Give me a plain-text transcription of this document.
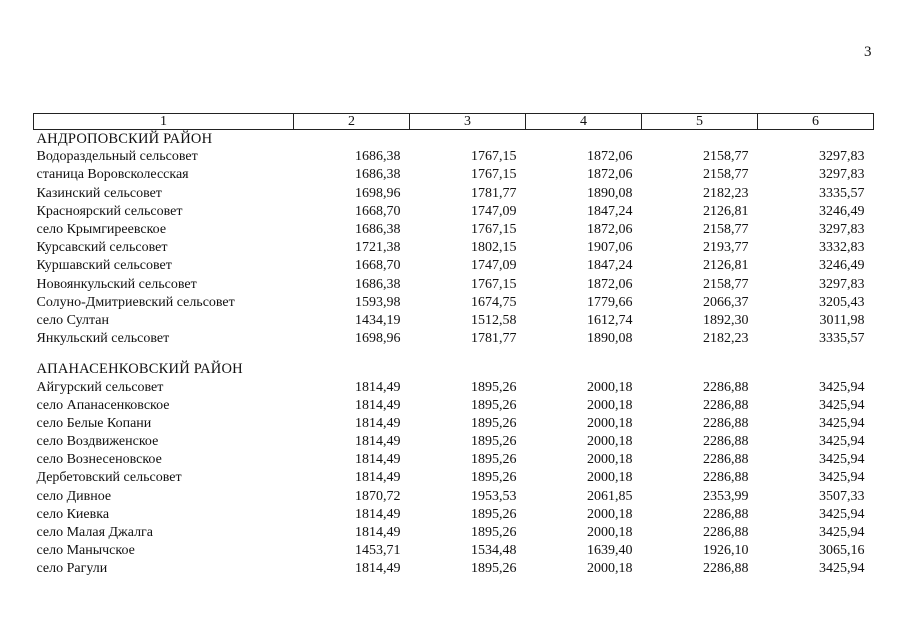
3
1	2	3	4	5	6
АНДРОПОВСКИЙ РАЙОН					
Водораздельный сельсовет	1686,38	1767,15	1872,06	2158,77	3297,83
станица Воровсколесская	1686,38	1767,15	1872,06	2158,77	3297,83
Казинский сельсовет	1698,96	1781,77	1890,08	2182,23	3335,57
Красноярский сельсовет	1668,70	1747,09	1847,24	2126,81	3246,49
село Крымгиреевское	1686,38	1767,15	1872,06	2158,77	3297,83
Курсавский сельсовет	1721,38	1802,15	1907,06	2193,77	3332,83
Куршавский сельсовет	1668,70	1747,09	1847,24	2126,81	3246,49
Новоянкульский сельсовет	1686,38	1767,15	1872,06	2158,77	3297,83
Солуно-Дмитриевский сельсовет	1593,98	1674,75	1779,66	2066,37	3205,43
село Султан	1434,19	1512,58	1612,74	1892,30	3011,98
Янкульский сельсовет	1698,96	1781,77	1890,08	2182,23	3335,57

АПАНАСЕНКОВСКИЙ РАЙОН					
Айгурский сельсовет	1814,49	1895,26	2000,18	2286,88	3425,94
село Апанасенковское	1814,49	1895,26	2000,18	2286,88	3425,94
село Белые Копани	1814,49	1895,26	2000,18	2286,88	3425,94
село Воздвиженское	1814,49	1895,26	2000,18	2286,88	3425,94
село Вознесеновское	1814,49	1895,26	2000,18	2286,88	3425,94
Дербетовский сельсовет	1814,49	1895,26	2000,18	2286,88	3425,94
село Дивное	1870,72	1953,53	2061,85	2353,99	3507,33
село Киевка	1814,49	1895,26	2000,18	2286,88	3425,94
село Малая Джалга	1814,49	1895,26	2000,18	2286,88	3425,94
село Манычское	1453,71	1534,48	1639,40	1926,10	3065,16
село Рагули	1814,49	1895,26	2000,18	2286,88	3425,94
